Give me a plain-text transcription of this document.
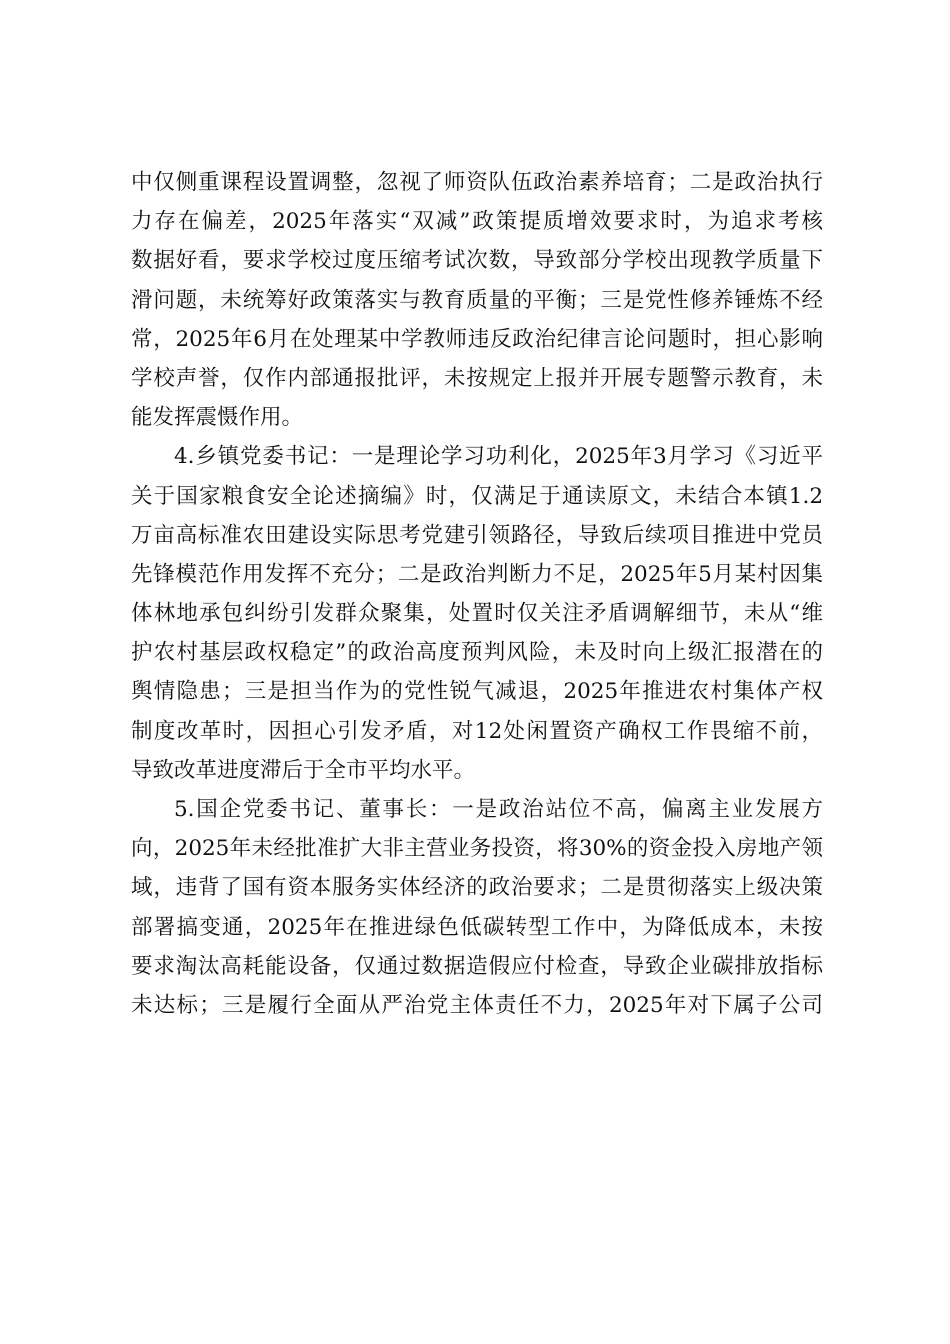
中仅侧重课程设置调整，忽视了师资队伍政治素养培育；二是政治执行
力存在偏差，2025年落实“双减”政策提质增效要求时，为追求考核
数据好看，要求学校过度压缩考试次数，导致部分学校出现教学质量下
滑问题，未统筹好政策落实与教育质量的平衡；三是党性修养锤炼不经
常，2025年6月在处理某中学教师违反政治纪律言论问题时，担心影响
学校声誉，仅作内部通报批评，未按规定上报并开展专题警示教育，未
能发挥震慑作用。
4.乡镇党委书记：一是理论学习功利化，2025年3月学习《习近平
关于国家粮食安全论述摘编》时，仅满足于通读原文，未结合本镇1.2
万亩高标准农田建设实际思考党建引领路径，导致后续项目推进中党员
先锋模范作用发挥不充分；二是政治判断力不足，2025年5月某村因集
体林地承包纠纷引发群众聚集，处置时仅关注矛盾调解细节，未从“维
护农村基层政权稳定”的政治高度预判风险，未及时向上级汇报潜在的
舆情隐患；三是担当作为的党性锐气减退，2025年推进农村集体产权
制度改革时，因担心引发矛盾，对12处闲置资产确权工作畏缩不前，
导致改革进度滞后于全市平均水平。
5.国企党委书记、董事长：一是政治站位不高，偏离主业发展方
向，2025年未经批准扩大非主营业务投资，将30%的资金投入房地产领
域，违背了国有资本服务实体经济的政治要求；二是贯彻落实上级决策
部署搞变通，2025年在推进绿色低碳转型工作中，为降低成本，未按
要求淘汰高耗能设备，仅通过数据造假应付检查，导致企业碳排放指标
未达标；三是履行全面从严治党主体责任不力，2025年对下属子公司
